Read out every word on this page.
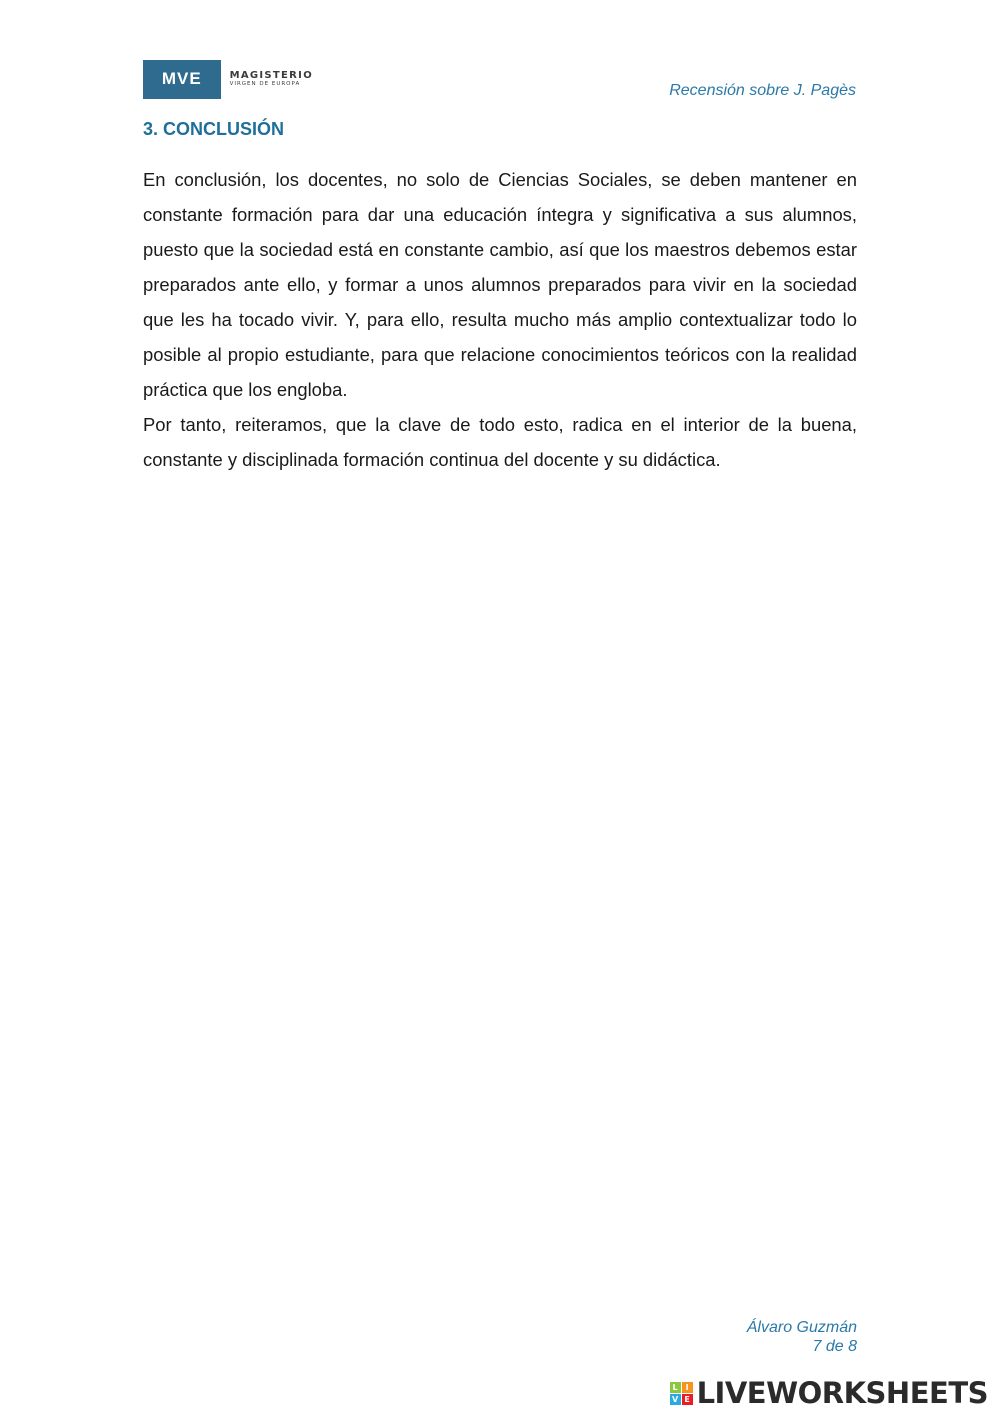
MVE	MAGISTERIO
VIRGEN DE EUROPA	Recensión sobre J. Pagès
3. CONCLUSIÓN

En conclusión, los docentes, no solo de Ciencias Sociales, se deben mantener en constante formación para dar una educación íntegra y significativa a sus alumnos, puesto que la sociedad está en constante cambio, así que los maestros debemos estar preparados ante ello, y formar a unos alumnos preparados para vivir en la sociedad que les ha tocado vivir. Y, para ello, resulta mucho más amplio contextualizar todo lo posible al propio estudiante, para que relacione conocimientos teóricos con la realidad práctica que los engloba.

Por tanto, reiteramos, que la clave de todo esto, radica en el interior de la buena, constante y disciplinada formación continua del docente y su didáctica.

Álvaro Guzmán
7 de 8
L I
V E LIVEWORKSHEETS
